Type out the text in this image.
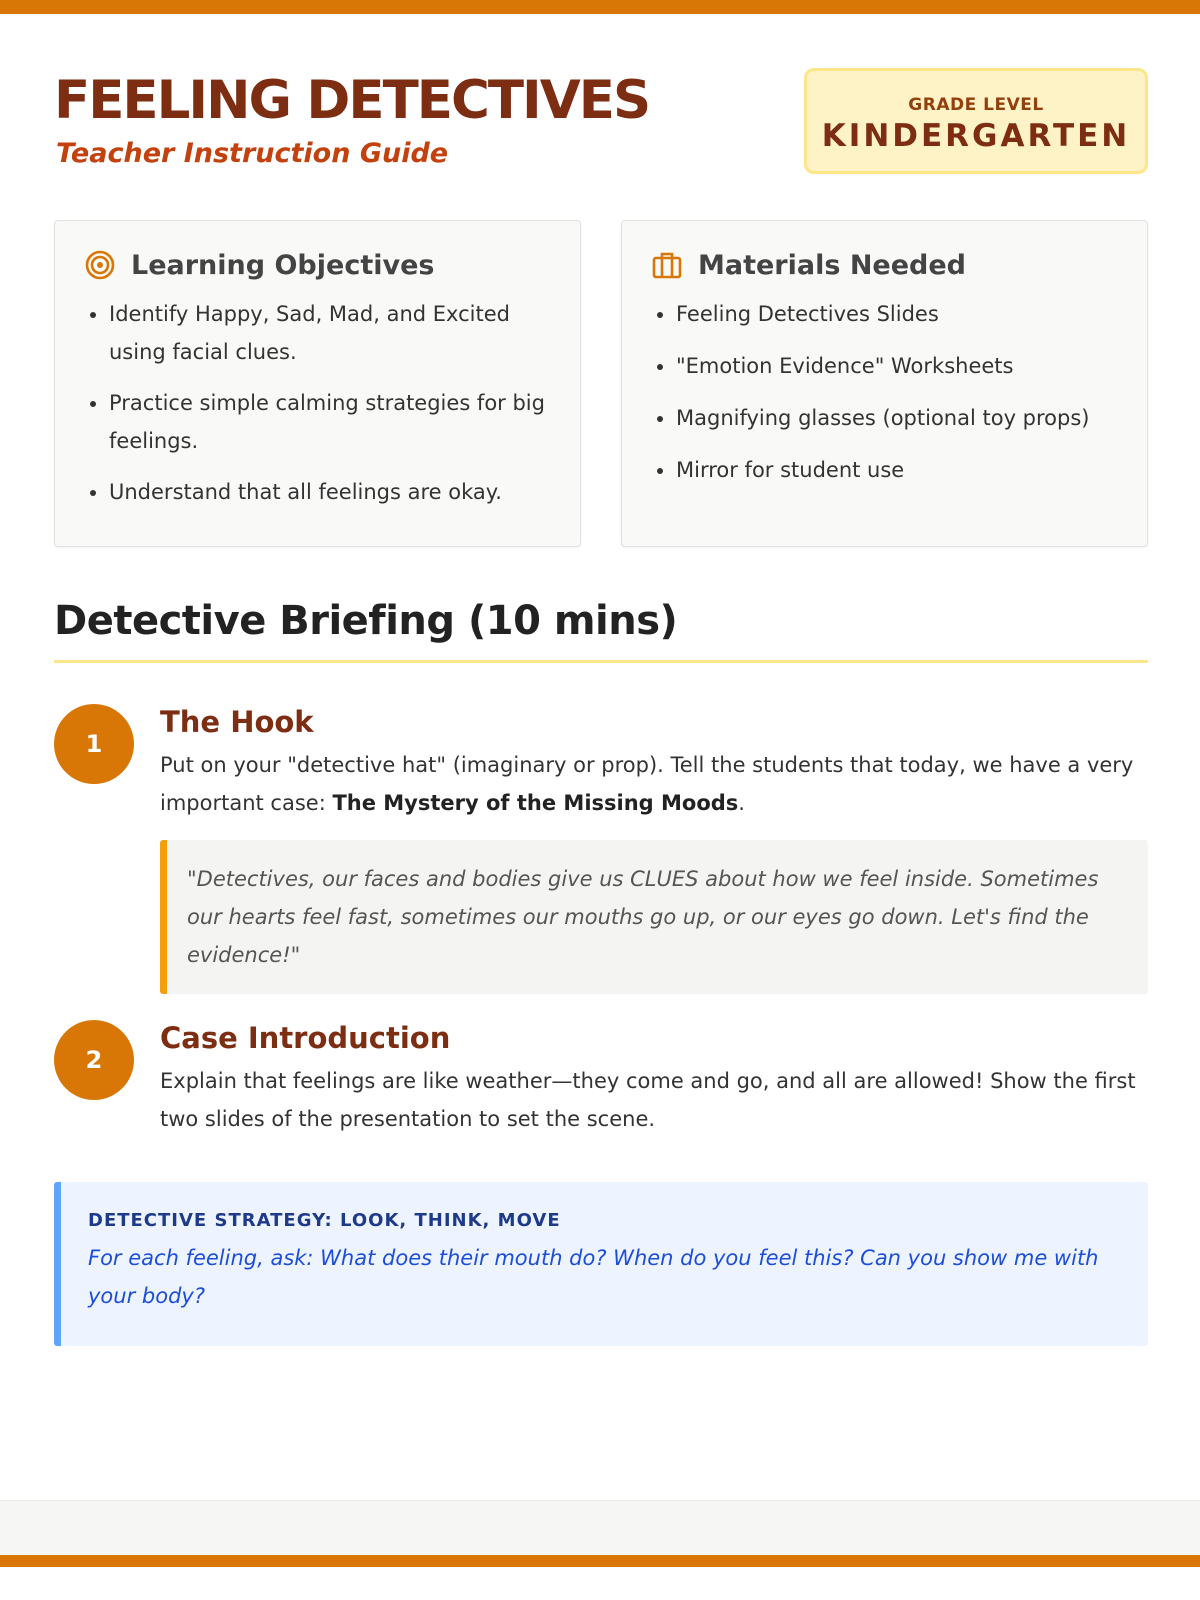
FEELING DETECTIVES
Teacher Instruction Guide
GRADE LEVEL
KINDERGARTEN
Learning Objectives
• Identify Happy, Sad, Mad, and Excited using facial clues.
• Practice simple calming strategies for big feelings.
• Understand that all feelings are okay.
Materials Needed
• Feeling Detectives Slides
• "Emotion Evidence" Worksheets
• Magnifying glasses (optional toy props)
• Mirror for student use
Detective Briefing (10 mins)
1
The Hook

Put on your "detective hat" (imaginary or prop). Tell the students that today, we have a very important case: The Mystery of the Missing Moods.

"Detectives, our faces and bodies give us CLUES about how we feel inside. Sometimes our hearts feel fast, sometimes our mouths go up, or our eyes go down. Let's find the evidence!"
2
Case Introduction

Explain that feelings are like weather—they come and go, and all are allowed! Show the first two slides of the presentation to set the scene.

DETECTIVE STRATEGY: LOOK, THINK, MOVE
For each feeling, ask: What does their mouth do? When do you feel this? Can you show me with your body?
